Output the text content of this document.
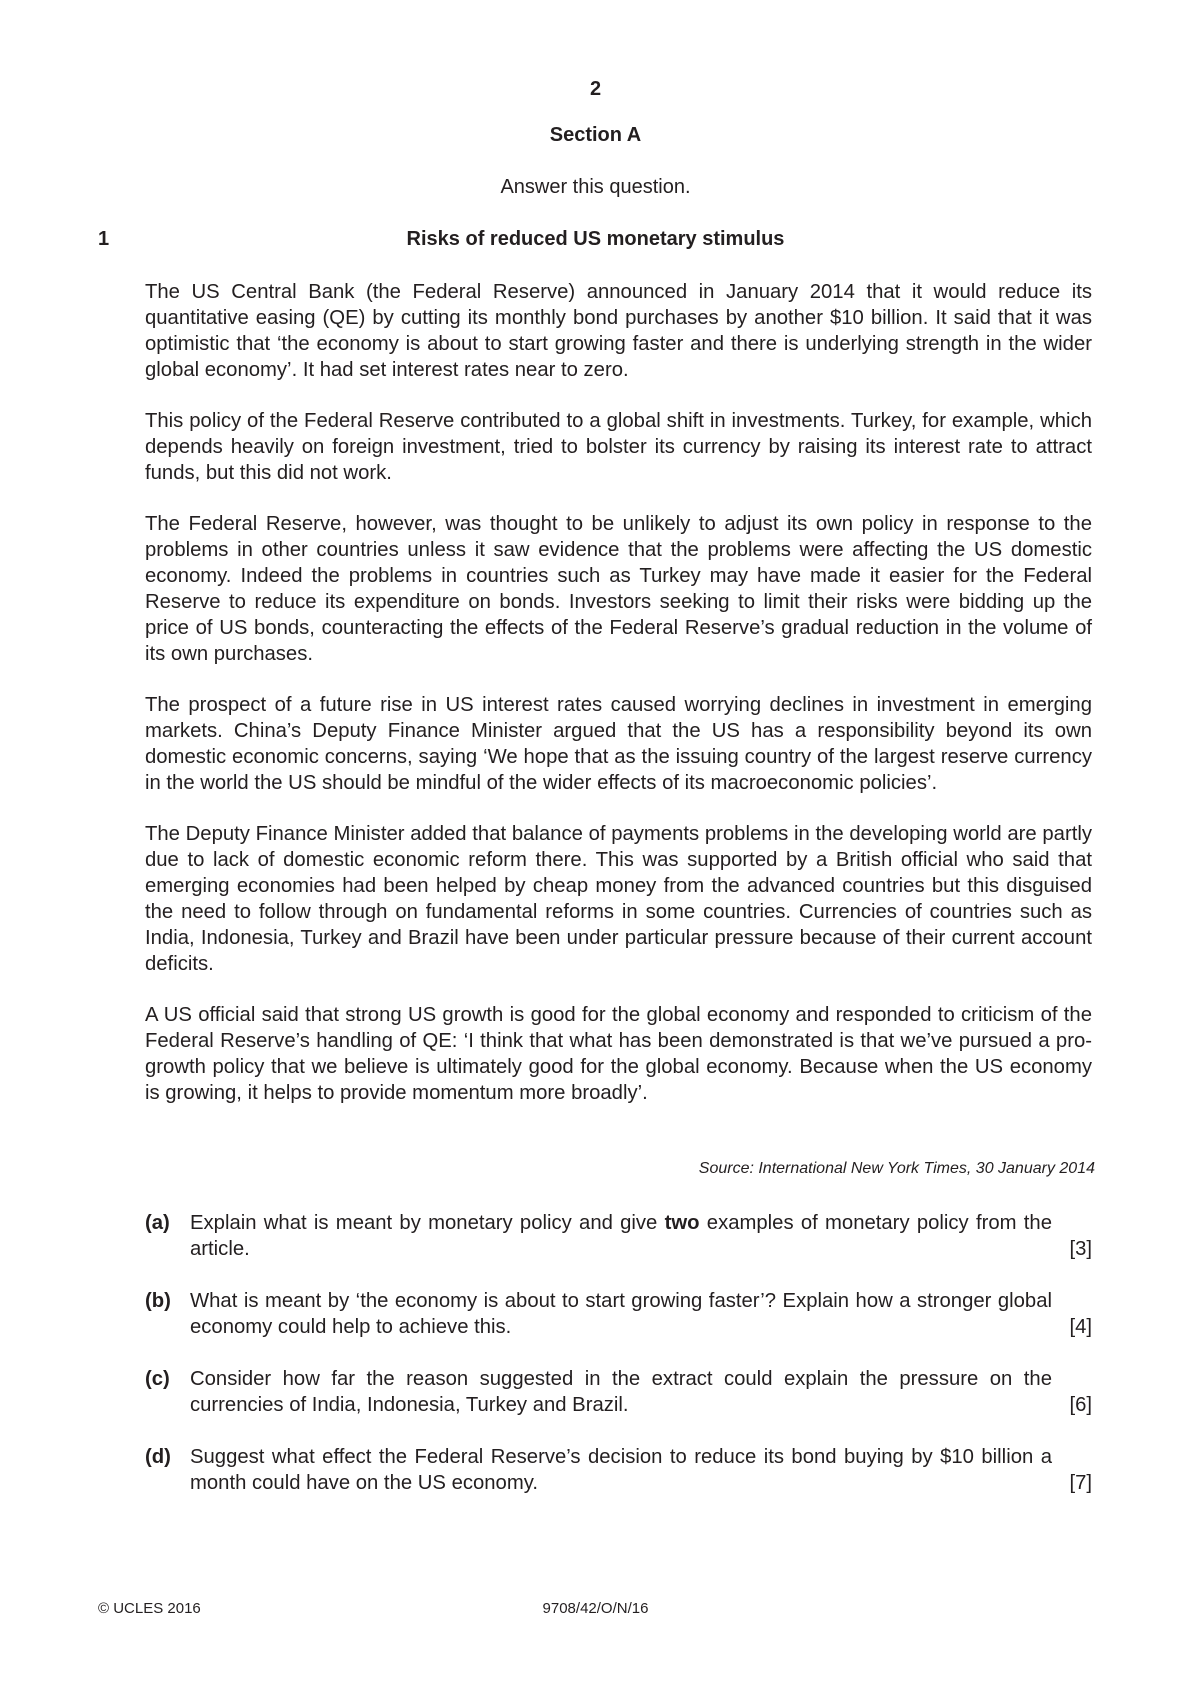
2
Section A
Answer this question.
1	Risks of reduced US monetary stimulus

The US Central Bank (the Federal Reserve) announced in January 2014 that it would reduce its quantitative easing (QE) by cutting its monthly bond purchases by another $10 billion. It said that it was optimistic that ‘the economy is about to start growing faster and there is underlying strength in the wider global economy’. It had set interest rates near to zero.

This policy of the Federal Reserve contributed to a global shift in investments. Turkey, for example, which depends heavily on foreign investment, tried to bolster its currency by raising its interest rate to attract funds, but this did not work.

The Federal Reserve, however, was thought to be unlikely to adjust its own policy in response to the problems in other countries unless it saw evidence that the problems were affecting the US domestic economy. Indeed the problems in countries such as Turkey may have made it easier for the Federal Reserve to reduce its expenditure on bonds. Investors seeking to limit their risks were bidding up the price of US bonds, counteracting the effects of the Federal Reserve’s gradual reduction in the volume of its own purchases.

The prospect of a future rise in US interest rates caused worrying declines in investment in emerging markets. China’s Deputy Finance Minister argued that the US has a responsibility beyond its own domestic economic concerns, saying ‘We hope that as the issuing country of the largest reserve currency in the world the US should be mindful of the wider effects of its macroeconomic policies’.

The Deputy Finance Minister added that balance of payments problems in the developing world are partly due to lack of domestic economic reform there. This was supported by a British official who said that emerging economies had been helped by cheap money from the advanced countries but this disguised the need to follow through on fundamental reforms in some countries. Currencies of countries such as India, Indonesia, Turkey and Brazil have been under particular pressure because of their current account deficits.

A US official said that strong US growth is good for the global economy and responded to criticism of the Federal Reserve’s handling of QE: ‘I think that what has been demonstrated is that we’ve pursued a pro-growth policy that we believe is ultimately good for the global economy. Because when the US economy is growing, it helps to provide momentum more broadly’.

Source: International New York Times, 30 January 2014
(a) Explain what is meant by monetary policy and give two examples of monetary policy from the article.	[3]
(b) What is meant by ‘the economy is about to start growing faster’? Explain how a stronger global economy could help to achieve this.	[4]
(c) Consider how far the reason suggested in the extract could explain the pressure on the currencies of India, Indonesia, Turkey and Brazil.	[6]
(d) Suggest what effect the Federal Reserve’s decision to reduce its bond buying by $10 billion a month could have on the US economy.	[7]
© UCLES 2016	9708/42/O/N/16
